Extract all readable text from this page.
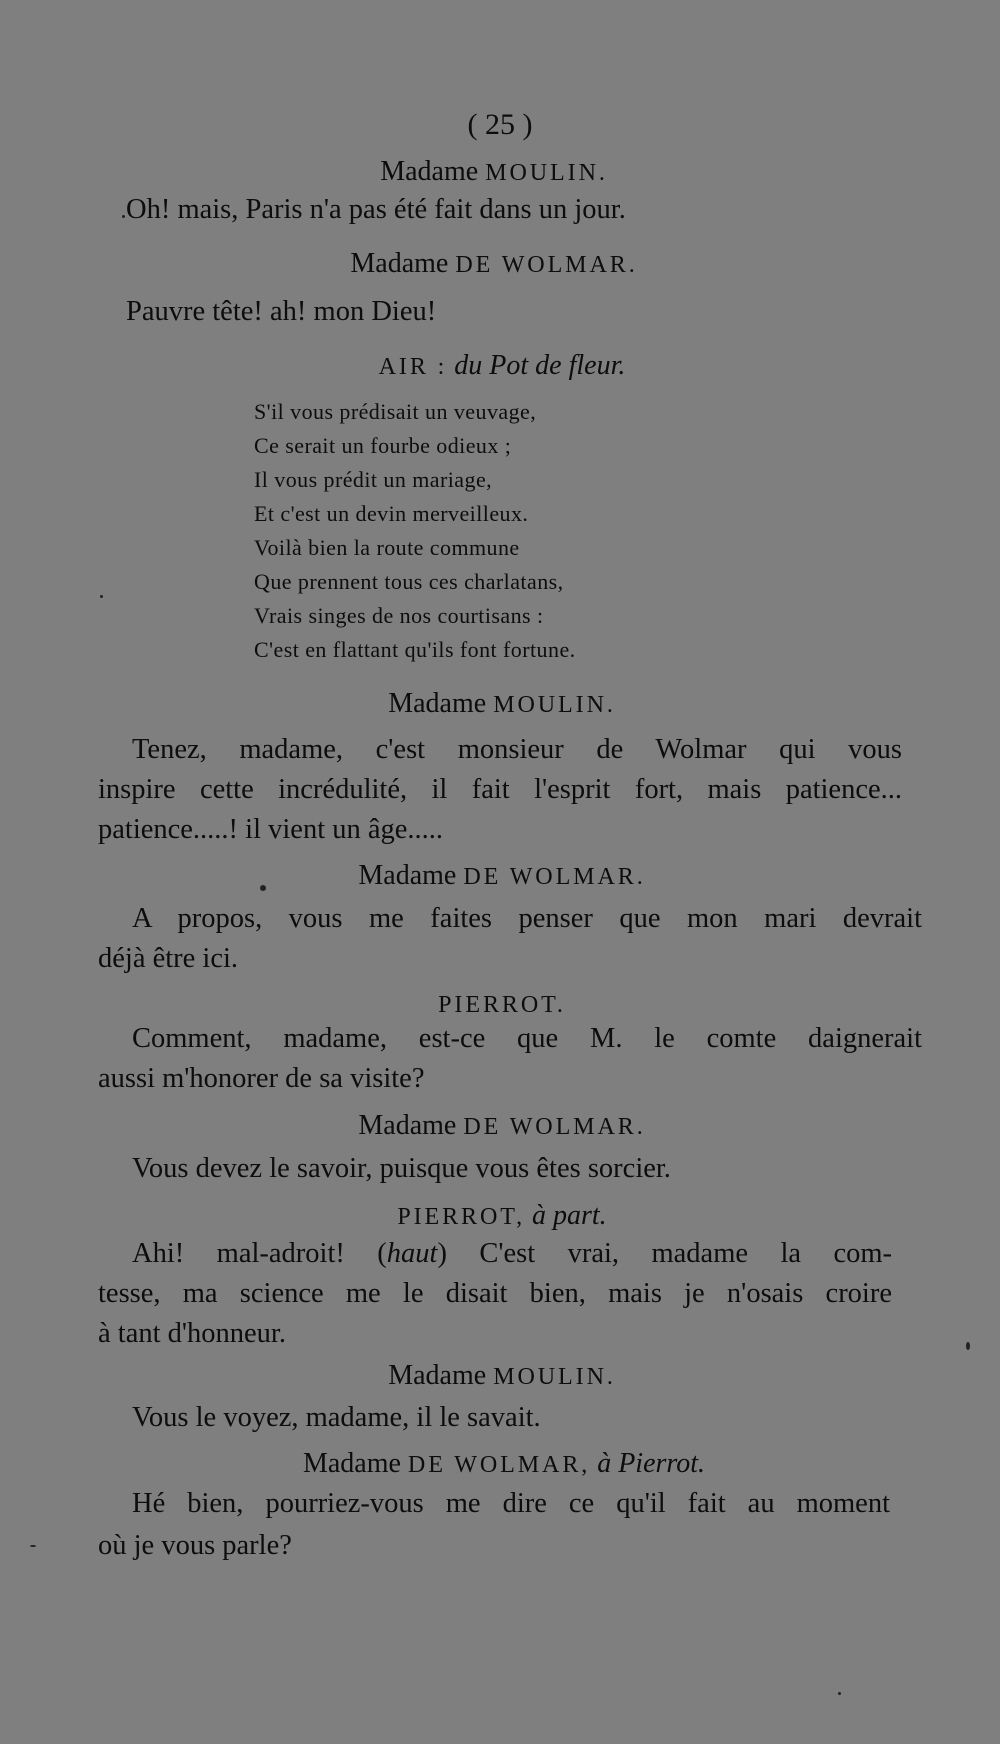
( 25 )
Madame MOULIN.
Oh! mais, Paris n'a pas été fait dans un jour.
Madame DE WOLMAR.
Pauvre tête! ah! mon Dieu!
AIR : du Pot de fleur.
S'il vous prédisait un veuvage,
Ce serait un fourbe odieux ;
Il vous prédit un mariage,
Et c'est un devin merveilleux.
Voilà bien la route commune
Que prennent tous ces charlatans,
Vrais singes de nos courtisans :
C'est en flattant qu'ils font fortune.
Madame MOULIN.
Tenez, madame, c'est monsieur de Wolmar qui vous
inspire cette incrédulité, il fait l'esprit fort, mais patience...
patience.....! il vient un âge.....
Madame DE WOLMAR.
A propos, vous me faites penser que mon mari devrait
déjà être ici.
PIERROT.
Comment, madame, est-ce que M. le comte daignerait
aussi m'honorer de sa visite?
Madame DE WOLMAR.
Vous devez le savoir, puisque vous êtes sorcier.
PIERROT, à part.
Ahi! mal-adroit! (haut) C'est vrai, madame la com-
tesse, ma science me le disait bien, mais je n'osais croire
à tant d'honneur.
Madame MOULIN.
Vous le voyez, madame, il le savait.
Madame DE WOLMAR, à Pierrot.
Hé bien, pourriez-vous me dire ce qu'il fait au moment
où je vous parle?
